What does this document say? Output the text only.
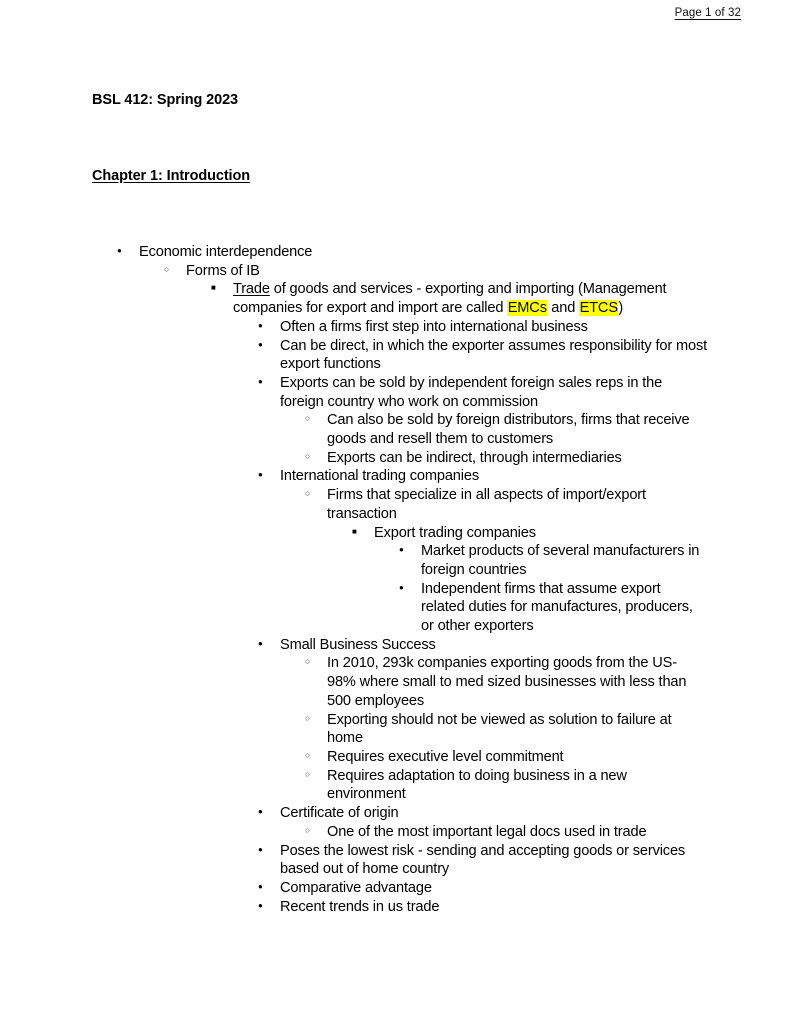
Page 1 of 32
BSL 412: Spring 2023
Chapter 1: Introduction
●
Economic interdependence
○
Forms of IB
■
Trade of goods and services - exporting and importing (Management companies for export and import are called EMCs and ETCS)
●
Often a firms first step into international business
●
Can be direct, in which the exporter assumes responsibility for most export functions
●
Exports can be sold by independent foreign sales reps in the foreign country who work on commission
○
Can also be sold by foreign distributors, firms that receive goods and resell them to customers
○
Exports can be indirect, through intermediaries
●
International trading companies
○
Firms that specialize in all aspects of import/export transaction
■
Export trading companies
●
Market products of several manufacturers in foreign countries
●
Independent firms that assume export related duties for manufactures, producers, or other exporters
●
Small Business Success
○
In 2010, 293k companies exporting goods from the US- 98% where small to med sized businesses with less than 500 employees
○
Exporting should not be viewed as solution to failure at home
○
Requires executive level commitment
○
Requires adaptation to doing business in a new environment
●
Certificate of origin
○
One of the most important legal docs used in trade
●
Poses the lowest risk - sending and accepting goods or services based out of home country
●
Comparative advantage
●
Recent trends in us trade
